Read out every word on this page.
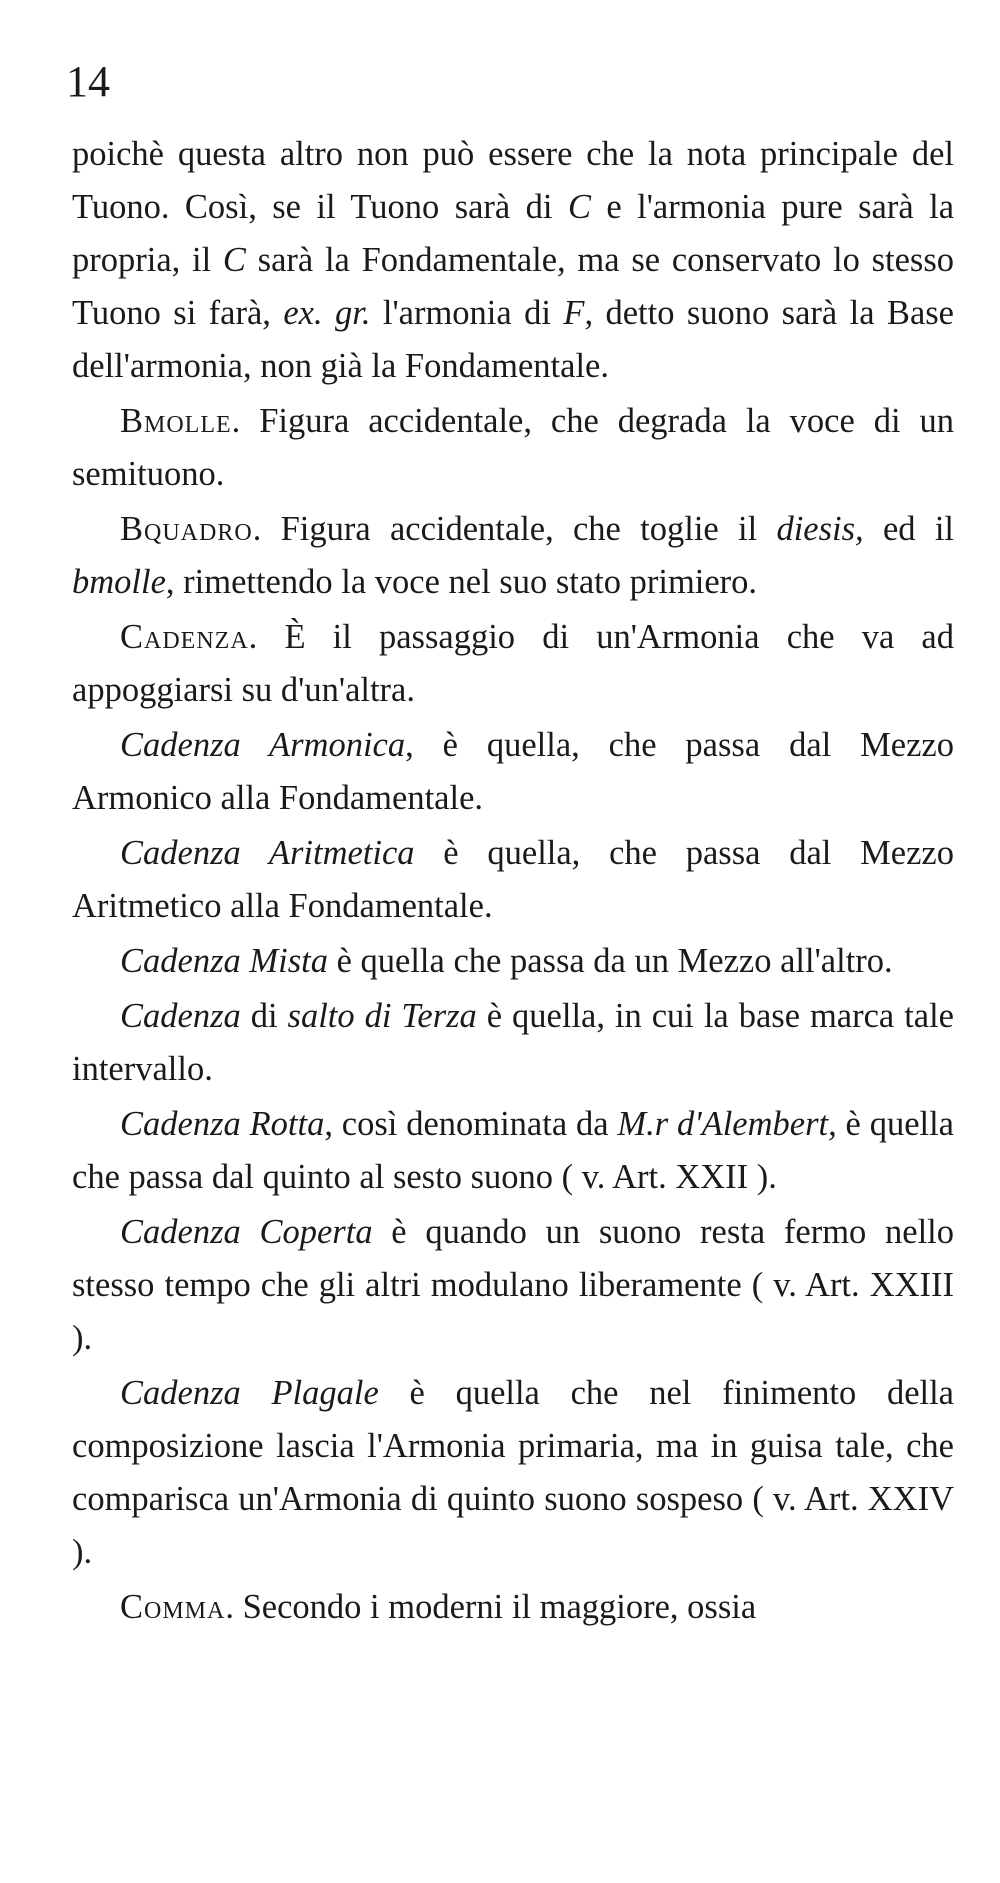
14

poichè questa altro non può essere che la nota principale del Tuono. Così, se il Tuono sarà di C e l'armonia pure sarà la propria, il C sarà la Fondamentale, ma se conservato lo stesso Tuono si farà, ex. gr. l'armonia di F, detto suono sarà la Base dell'armonia, non già la Fondamentale.

Bmolle. Figura accidentale, che degrada la voce di un semituono.

Bquadro. Figura accidentale, che toglie il diesis, ed il bmolle, rimettendo la voce nel suo stato primiero.

Cadenza. È il passaggio di un'Armonia che va ad appoggiarsi su d'un'altra.

Cadenza Armonica, è quella, che passa dal Mezzo Armonico alla Fondamentale.

Cadenza Aritmetica è quella, che passa dal Mezzo Aritmetico alla Fondamentale.

Cadenza Mista è quella che passa da un Mezzo all'altro.

Cadenza di salto di Terza è quella, in cui la base marca tale intervallo.

Cadenza Rotta, così denominata da M.r d'Alembert, è quella che passa dal quinto al sesto suono ( v. Art. XXII ).

Cadenza Coperta è quando un suono resta fermo nello stesso tempo che gli altri modulano liberamente ( v. Art. XXIII ).

Cadenza Plagale è quella che nel finimento della composizione lascia l'Armonia primaria, ma in guisa tale, che comparisca un'Armonia di quinto suono sospeso ( v. Art. XXIV ).

Comma. Secondo i moderni il maggiore, ossia
